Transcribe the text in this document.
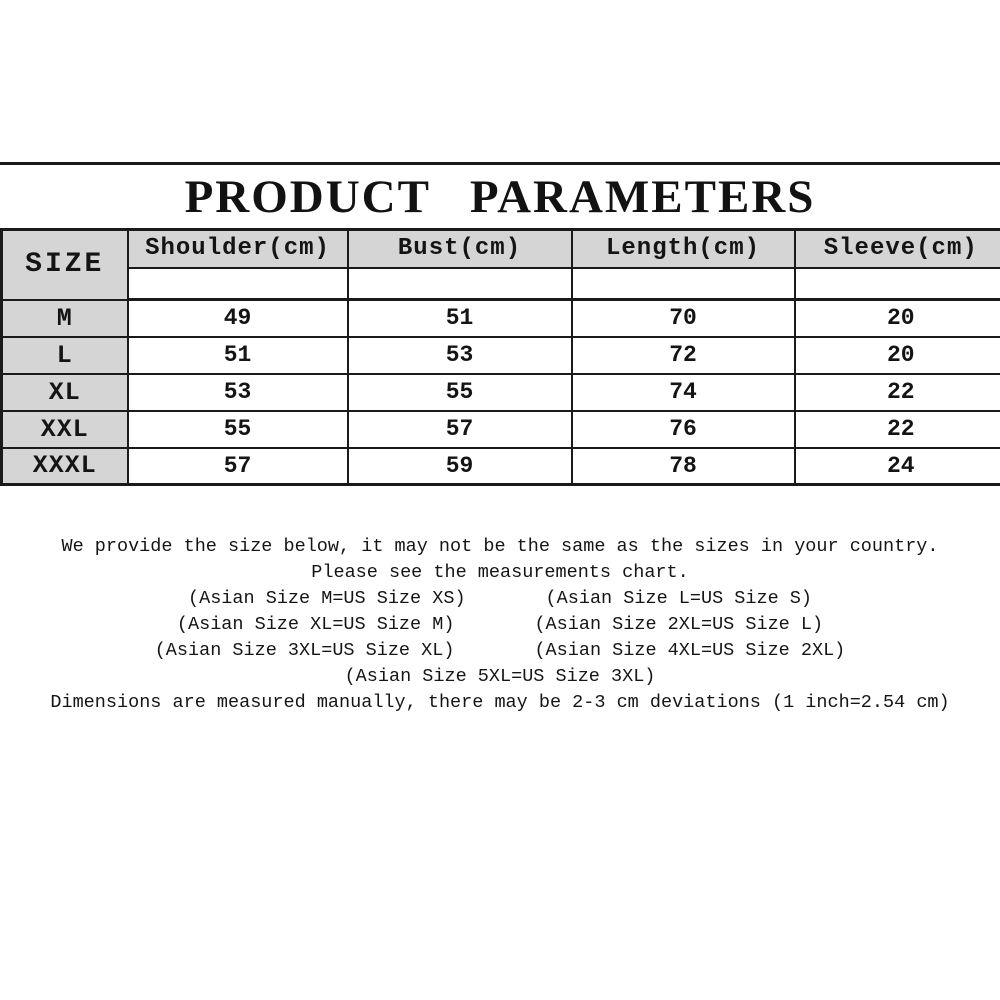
PRODUCT PARAMETERS
SIZE	Shoulder(cm)	Bust(cm)	Length(cm)	Sleeve(cm)

M	49	51	70	20
L	51	53	72	20
XL	53	55	74	22
XXL	55	57	76	22
XXXL	57	59	78	24
We provide the size below, it may not be the same as the sizes in your country.
Please see the measurements chart.
(Asian Size M=US Size XS)	(Asian Size L=US Size S)
(Asian Size XL=US Size M)	(Asian Size 2XL=US Size L)
(Asian Size 3XL=US Size XL)	(Asian Size 4XL=US Size 2XL)
(Asian Size 5XL=US Size 3XL)
Dimensions are measured manually, there may be 2-3 cm deviations (1 inch=2.54 cm)
